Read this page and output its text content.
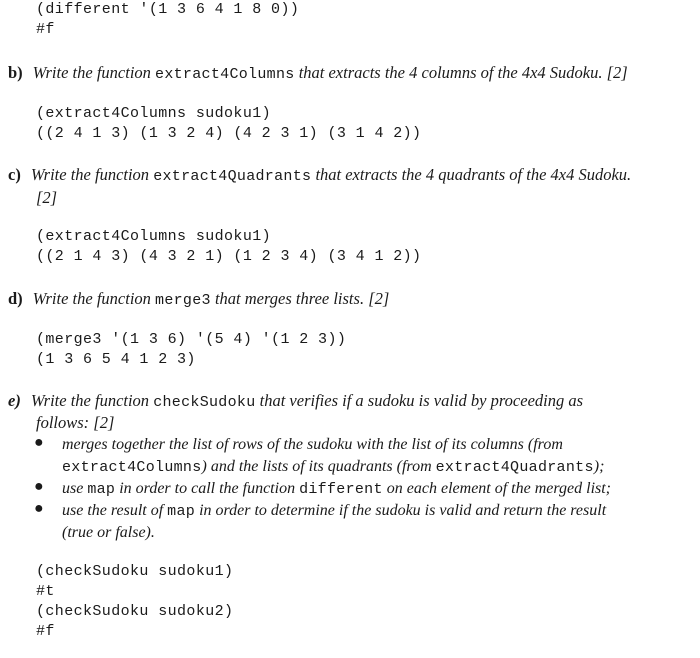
(different '(1 3 6 4 1 8 0))
#f
b) Write the function extract4Columns that extracts the 4 columns of the 4x4 Sudoku. [2]
(extract4Columns sudoku1)
((2 4 1 3) (1 3 2 4) (4 2 3 1) (3 1 4 2))
c) Write the function extract4Quadrants that extracts the 4 quadrants of the 4x4 Sudoku.
[2]
(extract4Columns sudoku1)
((2 1 4 3) (4 3 2 1) (1 2 3 4) (3 4 1 2))
d) Write the function merge3 that merges three lists. [2]
(merge3 '(1 3 6) '(5 4) '(1 2 3))
(1 3 6 5 4 1 2 3)
e) Write the function checkSudoku that verifies if a sudoku is valid by proceeding as
follows: [2]
● merges together the list of rows of the sudoku with the list of its columns (from
extract4Columns) and the lists of its quadrants (from extract4Quadrants);
● use map in order to call the function different on each element of the merged list;
● use the result of map in order to determine if the sudoku is valid and return the result
(true or false).
(checkSudoku sudoku1)
#t
(checkSudoku sudoku2)
#f
